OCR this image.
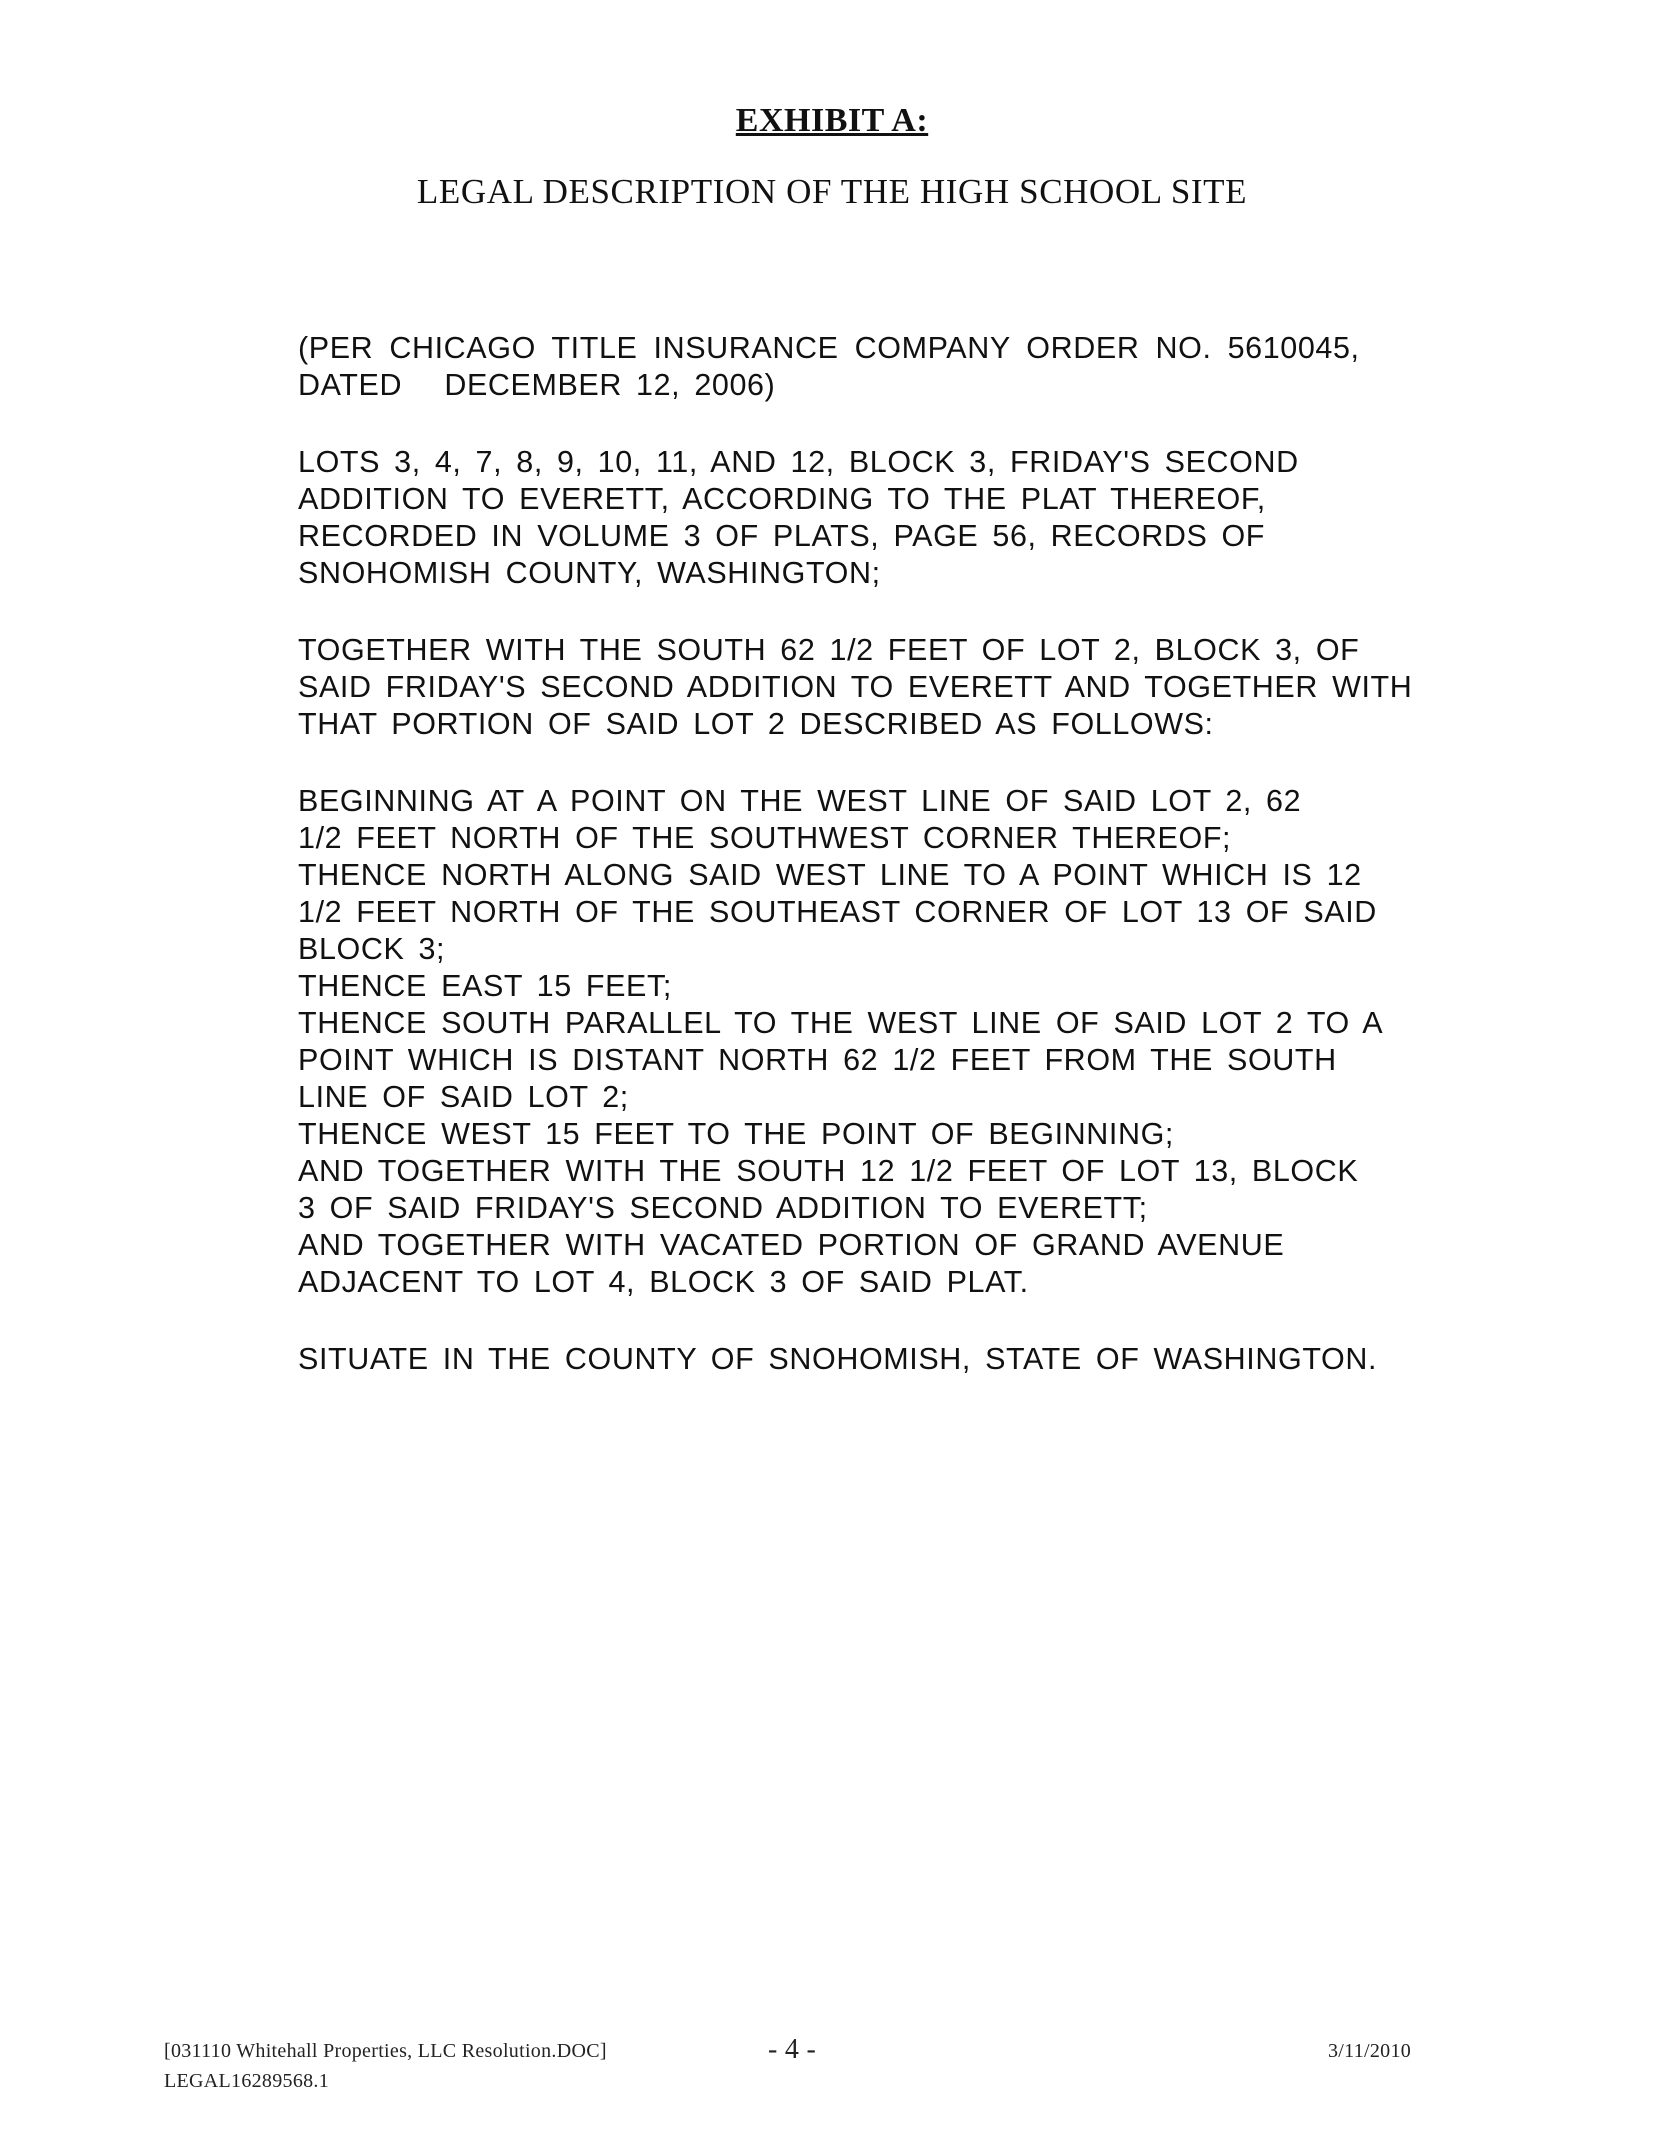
EXHIBIT A:
LEGAL DESCRIPTION OF THE HIGH SCHOOL SITE
(PER CHICAGO TITLE INSURANCE COMPANY ORDER NO. 5610045,
DATED   DECEMBER 12, 2006)
LOTS 3, 4, 7, 8, 9, 10, 11, AND 12, BLOCK 3, FRIDAY'S SECOND
ADDITION TO EVERETT, ACCORDING TO THE PLAT THEREOF,
RECORDED IN VOLUME 3 OF PLATS, PAGE 56, RECORDS OF
SNOHOMISH COUNTY, WASHINGTON;
TOGETHER WITH THE SOUTH 62 1/2 FEET OF LOT 2, BLOCK 3, OF
SAID FRIDAY'S SECOND ADDITION TO EVERETT AND TOGETHER WITH
THAT PORTION OF SAID LOT 2 DESCRIBED AS FOLLOWS:
BEGINNING AT A POINT ON THE WEST LINE OF SAID LOT 2, 62
1/2 FEET NORTH OF THE SOUTHWEST CORNER THEREOF;
THENCE NORTH ALONG SAID WEST LINE TO A POINT WHICH IS 12
1/2 FEET NORTH OF THE SOUTHEAST CORNER OF LOT 13 OF SAID
BLOCK 3;
THENCE EAST 15 FEET;
THENCE SOUTH PARALLEL TO THE WEST LINE OF SAID LOT 2 TO A
POINT WHICH IS DISTANT NORTH 62 1/2 FEET FROM THE SOUTH
LINE OF SAID LOT 2;
THENCE WEST 15 FEET TO THE POINT OF BEGINNING;
AND TOGETHER WITH THE SOUTH 12 1/2 FEET OF LOT 13, BLOCK
3 OF SAID FRIDAY'S SECOND ADDITION TO EVERETT;
AND TOGETHER WITH VACATED PORTION OF GRAND AVENUE
ADJACENT TO LOT 4, BLOCK 3 OF SAID PLAT.
SITUATE IN THE COUNTY OF SNOHOMISH, STATE OF WASHINGTON.
[031110 Whitehall Properties, LLC Resolution.DOC]
LEGAL16289568.1
- 4 -	3/11/2010
